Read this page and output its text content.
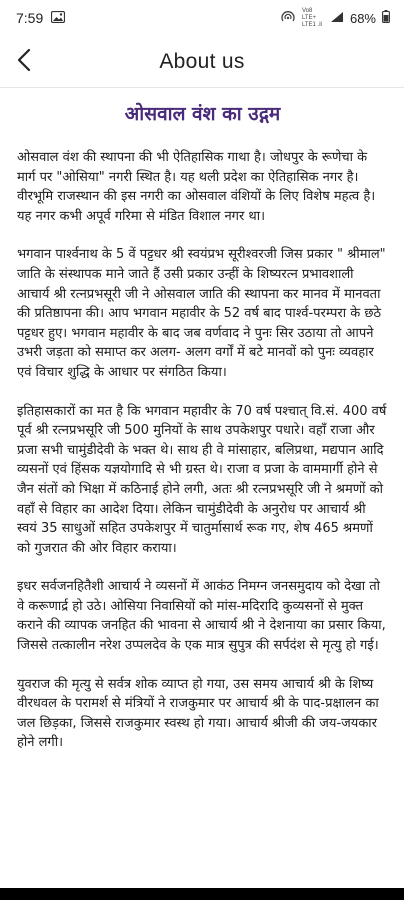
7:59	Vo8 LTE+
LTE1 .il 68%
About us
ओसवाल वंश का उद्गम

ओसवाल वंश की स्थापना की भी ऐतिहासिक गाथा है। जोधपुर के रूणेचा के मार्ग पर "ओसिया" नगरी स्थित है। यह थली प्रदेश का ऐतिहासिक नगर है। वीरभूमि राजस्थान की इस नगरी का ओसवाल वंशियों के लिए विशेष महत्व है। यह नगर कभी अपूर्व गरिमा से मंडित विशाल नगर था।

भगवान पार्श्वनाथ के 5 वें पट्टधर श्री स्वयंप्रभ सूरीश्वरजी जिस प्रकार " श्रीमाल" जाति के संस्थापक माने जाते हैं उसी प्रकार उन्हीं के शिष्यरत्न प्रभावशाली आचार्य श्री रत्नप्रभसूरी जी ने ओसवाल जाति की स्थापना कर मानव में मानवता की प्रतिष्ठापना की। आप भगवान महावीर के 52 वर्ष बाद पार्श्व-परम्परा के छठे पट्टधर हुए। भगवान महावीर के बाद जब वर्णवाद ने पुनः सिर उठाया तो आपने उभरी जड़ता को समाप्त कर अलग- अलग वर्गों में बटे मानवों को पुनः व्यवहार एवं विचार शुद्धि के आधार पर संगठित किया।

इतिहासकारों का मत है कि भगवान महावीर के 70 वर्ष पश्चात् वि.सं. 400 वर्ष पूर्व श्री रत्नप्रभसूरि जी 500 मुनियों के साथ उपकेशपुर पधारे। वहाँ राजा और प्रजा सभी चामुंडीदेवी के भक्त थे। साथ ही वे मांसाहार, बलिप्रथा, मद्यपान आदि व्यसनों एवं हिंसक यज्ञयोगादि से भी ग्रस्त थे। राजा व प्रजा के वाममार्गी होने से जैन संतों को भिक्षा में कठिनाई होने लगी, अतः श्री रत्नप्रभसूरि जी ने श्रमणों को वहाँ से विहार का आदेश दिया। लेकिन चामुंडीदेवी के अनुरोध पर आचार्य श्री स्वयं 35 साधुओं सहित उपकेशपुर में चातुर्मासार्थ रूक गए, शेष 465 श्रमणों को गुजरात की ओर विहार कराया।

इधर सर्वजनहितैशी आचार्य ने व्यसनों में आकंठ निमग्न जनसमुदाय को देखा तो वे करूणार्द्र हो उठे। ओसिया निवासियों को मांस-मदिरादि कुव्यसनों से मुक्त कराने की व्यापक जनहित की भावना से आचार्य श्री ने देशनाया का प्रसार किया, जिससे तत्कालीन नरेश उप्पलदेव के एक मात्र सुपुत्र की सर्पदंश से मृत्यु हो गई।

युवराज की मृत्यु से सर्वत्र शोक व्याप्त हो गया, उस समय आचार्य श्री के शिष्य वीरधवल के परामर्श से मंत्रियों ने राजकुमार पर आचार्य श्री के पाद-प्रक्षालन का जल छिड़का, जिससे राजकुमार स्वस्थ हो गया। आचार्य श्रीजी की जय-जयकार होने लगी।
